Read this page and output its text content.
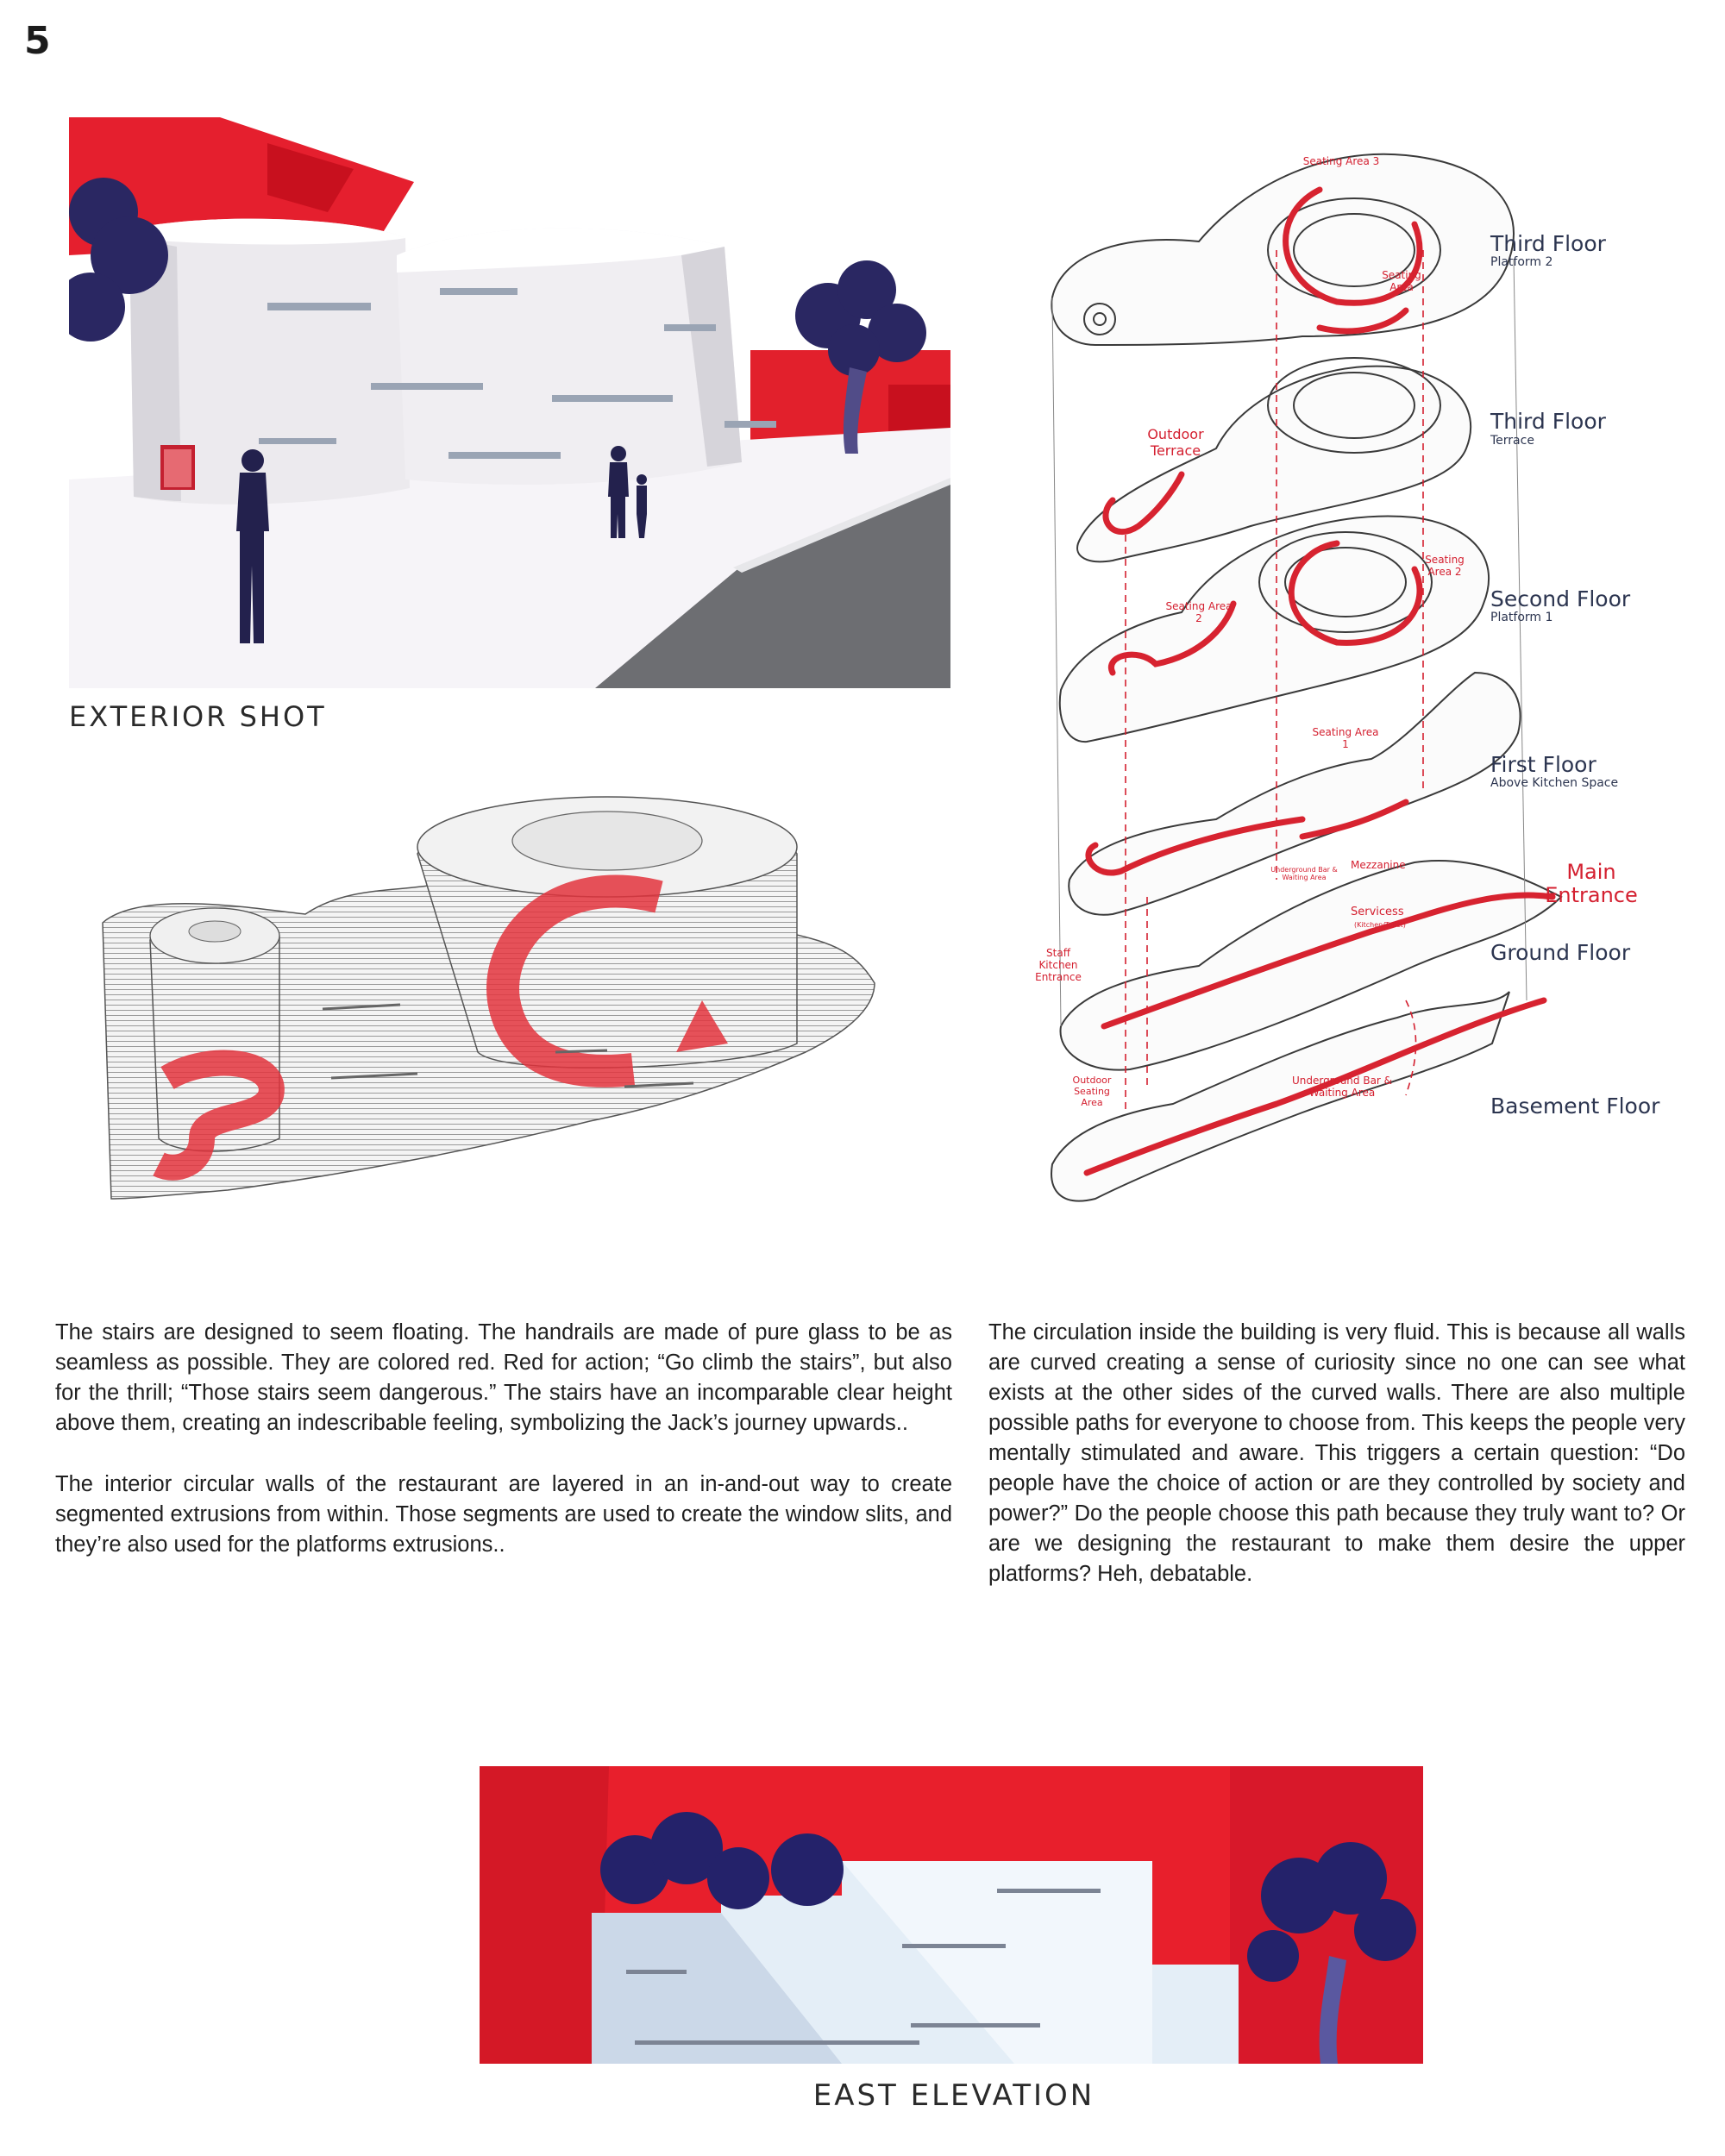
5
EXTERIOR SHOT
Third Floor
Platform 2
Third Floor
Terrace
Second Floor
Platform 1
First Floor
Above Kitchen Space
Ground Floor
Basement Floor
Seating Area 3
Seating Area
Outdoor Terrace
Seating Area 2
Seating Area 2
Seating Area 1
Underground Bar & Waiting Area
Mezzanine
Servicess
(Kitchen/Toilet)
Staff Kitchen Entrance
Outdoor Seating Area
Underground Bar & Waiting Area
Main Entrance

The stairs are designed to seem floating. The handrails are made of pure glass to be as seamless as possible. They are colored red. Red for action; “Go climb the stairs”, but also for the thrill; “Those stairs seem dangerous.” The stairs have an incomparable clear height above them, creating an indescribable feeling, symbolizing the Jack’s journey upwards..

The interior circular walls of the restaurant are layered in an in-and-out way to create segmented extrusions from within. Those segments are used to create the window slits, and they’re also used for the platforms extrusions..

The circulation inside the building is very fluid. This is because all walls are curved creating a sense of curiosity since no one can see what exists at the other sides of the curved walls. There are also multiple possible paths for everyone to choose from. This keeps the people very mentally stimulated and aware. This triggers a certain question: “Do people have the choice of action or are they controlled by society and power?” Do the people choose this path because they truly want to? Or are we designing the restaurant to make them desire the upper platforms? Heh, debatable.

EAST ELEVATION
